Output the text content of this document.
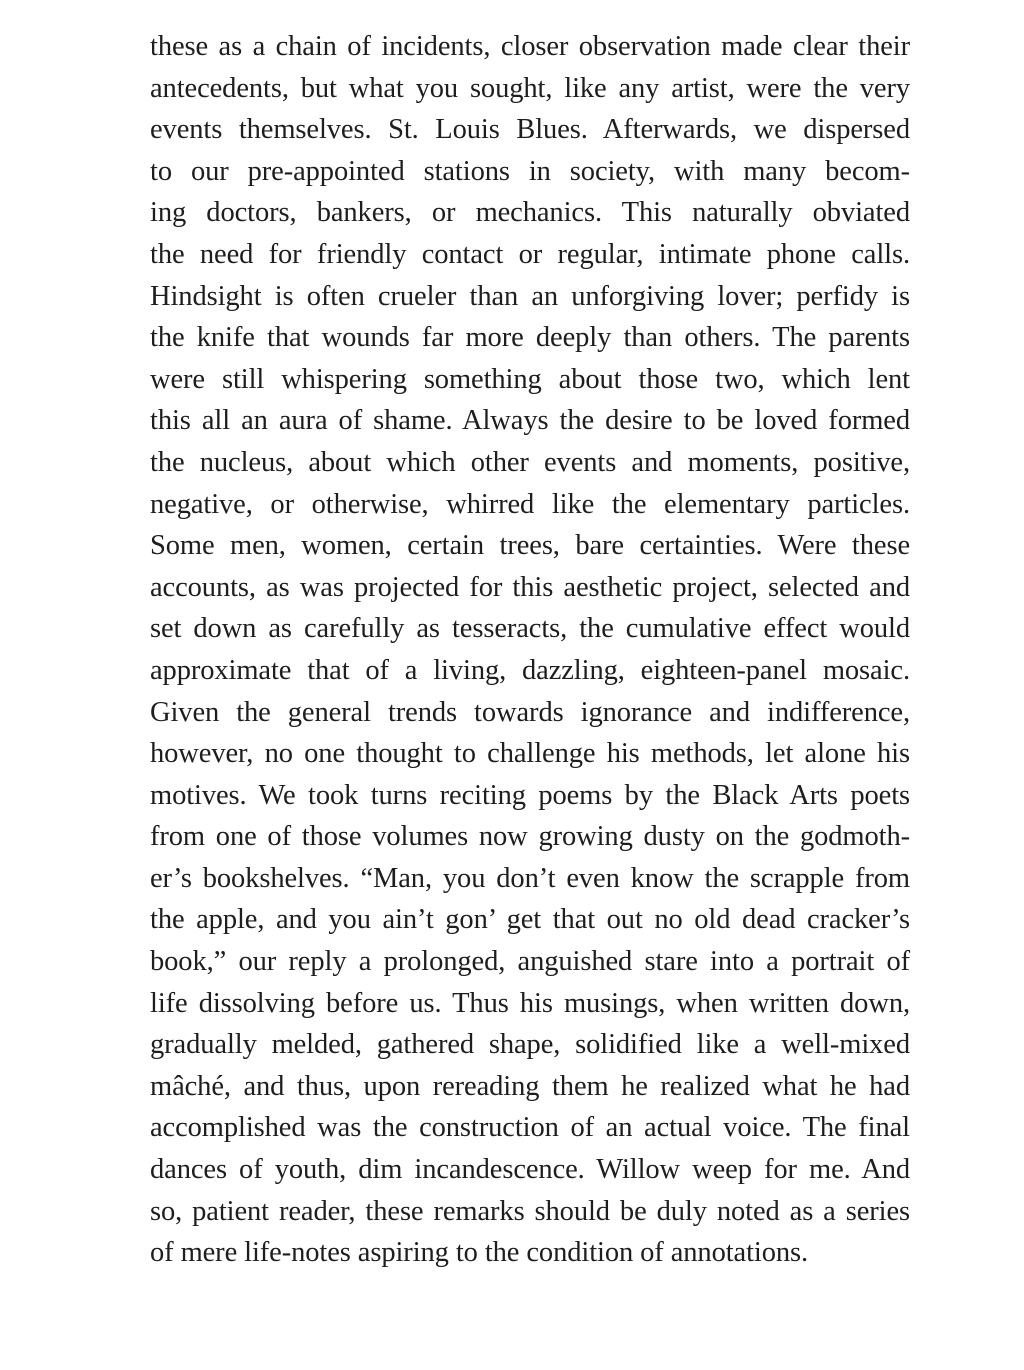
these as a chain of incidents, closer observation made clear their
antecedents, but what you sought, like any artist, were the very
events themselves. St. Louis Blues. Afterwards, we dispersed
to our pre-appointed stations in society, with many becom-
ing doctors, bankers, or mechanics. This naturally obviated
the need for friendly contact or regular, intimate phone calls.
Hindsight is often crueler than an unforgiving lover; perfidy is
the knife that wounds far more deeply than others. The parents
were still whispering something about those two, which lent
this all an aura of shame. Always the desire to be loved formed
the nucleus, about which other events and moments, positive,
negative, or otherwise, whirred like the elementary particles.
Some men, women, certain trees, bare certainties. Were these
accounts, as was projected for this aesthetic project, selected and
set down as carefully as tesseracts, the cumulative effect would
approximate that of a living, dazzling, eighteen-panel mosaic.
Given the general trends towards ignorance and indifference,
however, no one thought to challenge his methods, let alone his
motives. We took turns reciting poems by the Black Arts poets
from one of those volumes now growing dusty on the godmoth-
er’s bookshelves. “Man, you don’t even know the scrapple from
the apple, and you ain’t gon’ get that out no old dead cracker’s
book,” our reply a prolonged, anguished stare into a portrait of
life dissolving before us. Thus his musings, when written down,
gradually melded, gathered shape, solidified like a well-mixed
mâché, and thus, upon rereading them he realized what he had
accomplished was the construction of an actual voice. The final
dances of youth, dim incandescence. Willow weep for me. And
so, patient reader, these remarks should be duly noted as a series
of mere life-notes aspiring to the condition of annotations.
